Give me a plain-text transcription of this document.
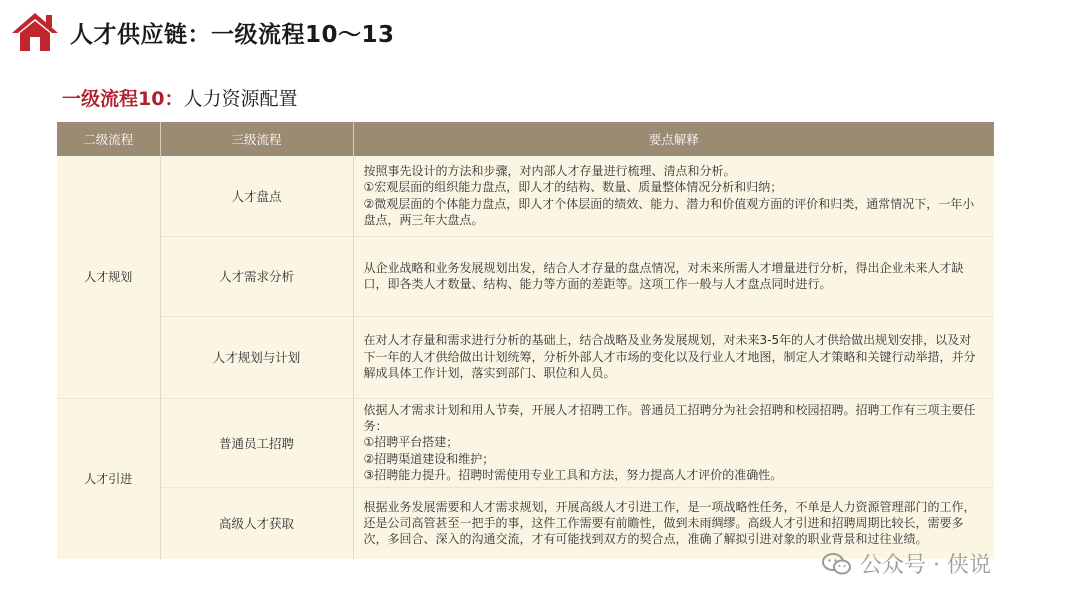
人才供应链：一级流程10～13
一级流程10： 人力资源配置
二级流程	三级流程	要点解释
人才规划	人才盘点	按照事先设计的方法和步骤，对内部人才存量进行梳理、清点和分析。
①宏观层面的组织能力盘点，即人才的结构、数量、质量整体情况分析和归纳；
②微观层面的个体能力盘点，即人才个体层面的绩效、能力、潜力和价值观方面的评价和归类，通常情况下，一年小盘点，两三年大盘点。

	人才需求分析	从企业战略和业务发展规划出发，结合人才存量的盘点情况，对未来所需人才增量进行分析，得出企业未来人才缺口，即各类人才数量、结构、能力等方面的差距等。这项工作一般与人才盘点同时进行。

	人才规划与计划	在对人才存量和需求进行分析的基础上，结合战略及业务发展规划，对未来3-5年的人才供给做出规划安排，以及对下一年的人才供给做出计划统筹，分析外部人才市场的变化以及行业人才地图，制定人才策略和关键行动举措，并分解成具体工作计划，落实到部门、职位和人员。

人才引进	普通员工招聘	依据人才需求计划和用人节奏，开展人才招聘工作。普通员工招聘分为社会招聘和校园招聘。招聘工作有三项主要任务：
①招聘平台搭建；
②招聘渠道建设和维护；
③招聘能力提升。招聘时需使用专业工具和方法，努力提高人才评价的准确性。

	高级人才获取	根据业务发展需要和人才需求规划，开展高级人才引进工作，是一项战略性任务，不单是人力资源管理部门的工作，还是公司高管甚至一把手的事，这件工作需要有前瞻性，做到未雨绸缪。高级人才引进和招聘周期比较长，需要多次，多回合、深入的沟通交流，才有可能找到双方的契合点，准确了解拟引进对象的职业背景和过往业绩。
公众号 · 侠说
